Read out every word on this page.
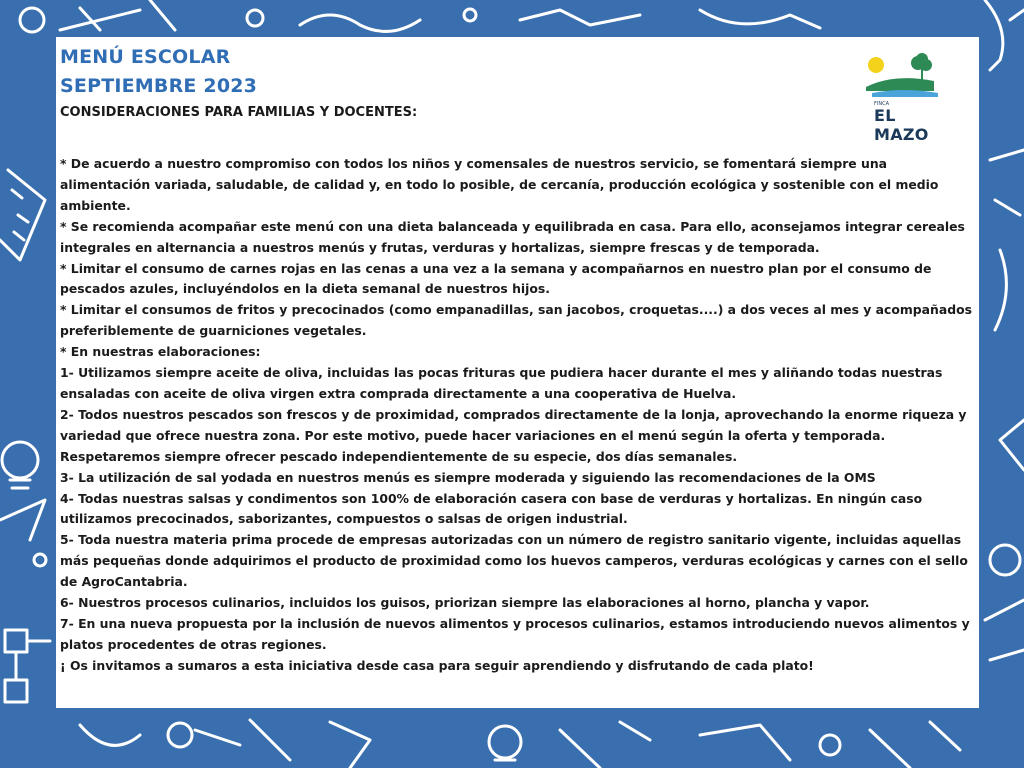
MENÚ ESCOLAR
SEPTIEMBRE 2023
CONSIDERACIONES PARA FAMILIAS Y DOCENTES:
FINCA
EL MAZO

* De acuerdo a nuestro compromiso con todos los niños y comensales de nuestros servicio, se fomentará siempre una alimentación variada, saludable, de calidad y, en todo lo posible, de cercanía, producción ecológica y sostenible con el medio ambiente.

* Se recomienda acompañar este menú con una dieta balanceada y equilibrada en casa. Para ello, aconsejamos integrar cereales integrales en alternancia a nuestros menús y frutas, verduras y hortalizas, siempre frescas y de temporada.

* Limitar el consumo de carnes rojas en las cenas a una vez a la semana y acompañarnos en nuestro plan por el consumo de pescados azules, incluyéndolos en la dieta semanal de nuestros hijos.

* Limitar el consumos de fritos y precocinados (como empanadillas, san jacobos, croquetas....) a dos veces al mes y acompañados preferiblemente de guarniciones vegetales.

* En nuestras elaboraciones:

1- Utilizamos siempre aceite de oliva, incluidas las pocas frituras que pudiera hacer durante el mes y aliñando todas nuestras ensaladas con aceite de oliva virgen extra comprada directamente a una cooperativa de Huelva.

2- Todos nuestros pescados son frescos y de proximidad, comprados directamente de la lonja, aprovechando la enorme riqueza y variedad que ofrece nuestra zona. Por este motivo, puede hacer variaciones en el menú según la oferta y temporada. Respetaremos siempre ofrecer pescado independientemente de su especie, dos días semanales.

3- La utilización de sal yodada en nuestros menús es siempre moderada y siguiendo las recomendaciones de la OMS

4- Todas nuestras salsas y condimentos son 100% de elaboración casera con base de verduras y hortalizas. En ningún caso utilizamos precocinados, saborizantes, compuestos o salsas de origen industrial.

5- Toda nuestra materia prima procede de empresas autorizadas con un número de registro sanitario vigente, incluidas aquellas más pequeñas donde adquirimos el producto de proximidad como los huevos camperos, verduras ecológicas y carnes con el sello de AgroCantabria.

6- Nuestros procesos culinarios, incluidos los guisos, priorizan siempre las elaboraciones al horno, plancha y vapor.

7- En una nueva propuesta por la inclusión de nuevos alimentos y procesos culinarios, estamos introduciendo nuevos alimentos y platos procedentes de otras regiones.

¡ Os invitamos a sumaros a esta iniciativa desde casa para seguir aprendiendo y disfrutando de cada plato!
